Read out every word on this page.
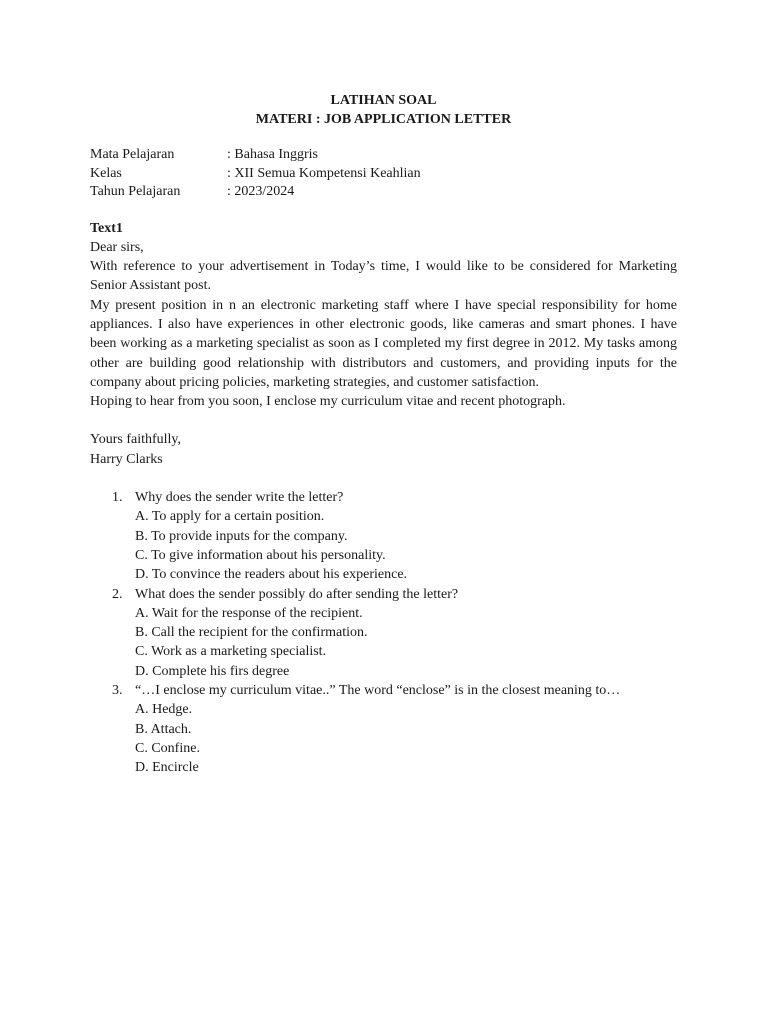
LATIHAN SOAL

MATERI : JOB APPLICATION LETTER

Mata Pelajaran	: Bahasa Inggris
Kelas	: XII Semua Kompetensi Keahlian
Tahun Pelajaran	: 2023/2024
Text1

Dear sirs,

With reference to your advertisement in Today’s time, I would like to be considered for Marketing Senior Assistant post.

My present position in n an electronic marketing staff where I have special responsibility for home appliances. I also have experiences in other electronic goods, like cameras and smart phones. I have been working as a marketing specialist as soon as I completed my first degree in 2012. My tasks among other are building good relationship with distributors and customers, and providing inputs for the company about pricing policies, marketing strategies, and customer satisfaction.

Hoping to hear from you soon, I enclose my curriculum vitae and recent photograph.

Yours faithfully,

Harry Clarks

1. Why does the sender write the letter?
A. To apply for a certain position.
B. To provide inputs for the company.
C. To give information about his personality.
D. To convince the readers about his experience.
2. What does the sender possibly do after sending the letter?
A. Wait for the response of the recipient.
B. Call the recipient for the confirmation.
C. Work as a marketing specialist.
D. Complete his firs degree
3. “…I enclose my curriculum vitae..” The word “enclose” is in the closest meaning to…
A. Hedge.
B. Attach.
C. Confine.
D. Encircle
